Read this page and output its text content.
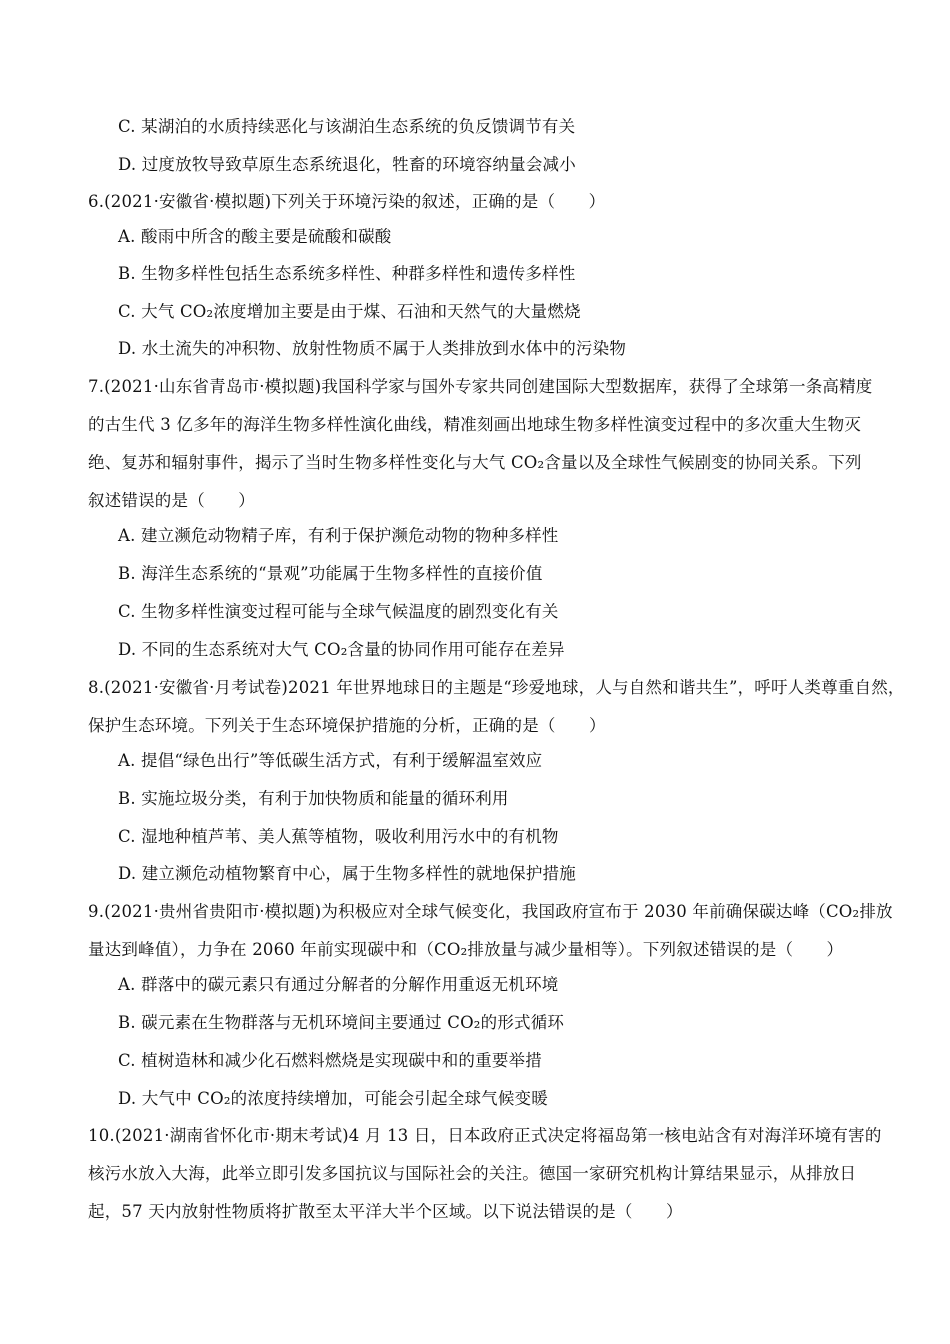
C. 某湖泊的水质持续恶化与该湖泊生态系统的负反馈调节有关
D. 过度放牧导致草原生态系统退化，牲畜的环境容纳量会减小
6.(2021·安徽省·模拟题)下列关于环境污染的叙述，正确的是（　　）
A. 酸雨中所含的酸主要是硫酸和碳酸
B. 生物多样性包括生态系统多样性、种群多样性和遗传多样性
C. 大气 CO₂浓度增加主要是由于煤、石油和天然气的大量燃烧
D. 水土流失的冲积物、放射性物质不属于人类排放到水体中的污染物
7.(2021·山东省青岛市·模拟题)我国科学家与国外专家共同创建国际大型数据库，获得了全球第一条高精度
的古生代 3 亿多年的海洋生物多样性演化曲线，精准刻画出地球生物多样性演变过程中的多次重大生物灭
绝、复苏和辐射事件，揭示了当时生物多样性变化与大气 CO₂含量以及全球性气候剧变的协同关系。下列
叙述错误的是（　　）
A. 建立濒危动物精子库，有利于保护濒危动物的物种多样性
B. 海洋生态系统的“景观”功能属于生物多样性的直接价值
C. 生物多样性演变过程可能与全球气候温度的剧烈变化有关
D. 不同的生态系统对大气 CO₂含量的协同作用可能存在差异
8.(2021·安徽省·月考试卷)2021 年世界地球日的主题是“珍爱地球，人与自然和谐共生”，呼吁人类尊重自然，
保护生态环境。下列关于生态环境保护措施的分析，正确的是（　　）
A. 提倡“绿色出行”等低碳生活方式，有利于缓解温室效应
B. 实施垃圾分类，有利于加快物质和能量的循环利用
C. 湿地种植芦苇、美人蕉等植物，吸收利用污水中的有机物
D. 建立濒危动植物繁育中心，属于生物多样性的就地保护措施
9.(2021·贵州省贵阳市·模拟题)为积极应对全球气候变化，我国政府宣布于 2030 年前确保碳达峰（CO₂排放
量达到峰值），力争在 2060 年前实现碳中和（CO₂排放量与减少量相等）。下列叙述错误的是（　　）
A. 群落中的碳元素只有通过分解者的分解作用重返无机环境
B. 碳元素在生物群落与无机环境间主要通过 CO₂的形式循环
C. 植树造林和减少化石燃料燃烧是实现碳中和的重要举措
D. 大气中 CO₂的浓度持续增加，可能会引起全球气候变暖
10.(2021·湖南省怀化市·期末考试)4 月 13 日，日本政府正式决定将福岛第一核电站含有对海洋环境有害的
核污水放入大海，此举立即引发多国抗议与国际社会的关注。德国一家研究机构计算结果显示，从排放日
起，57 天内放射性物质将扩散至太平洋大半个区域。以下说法错误的是（　　）
